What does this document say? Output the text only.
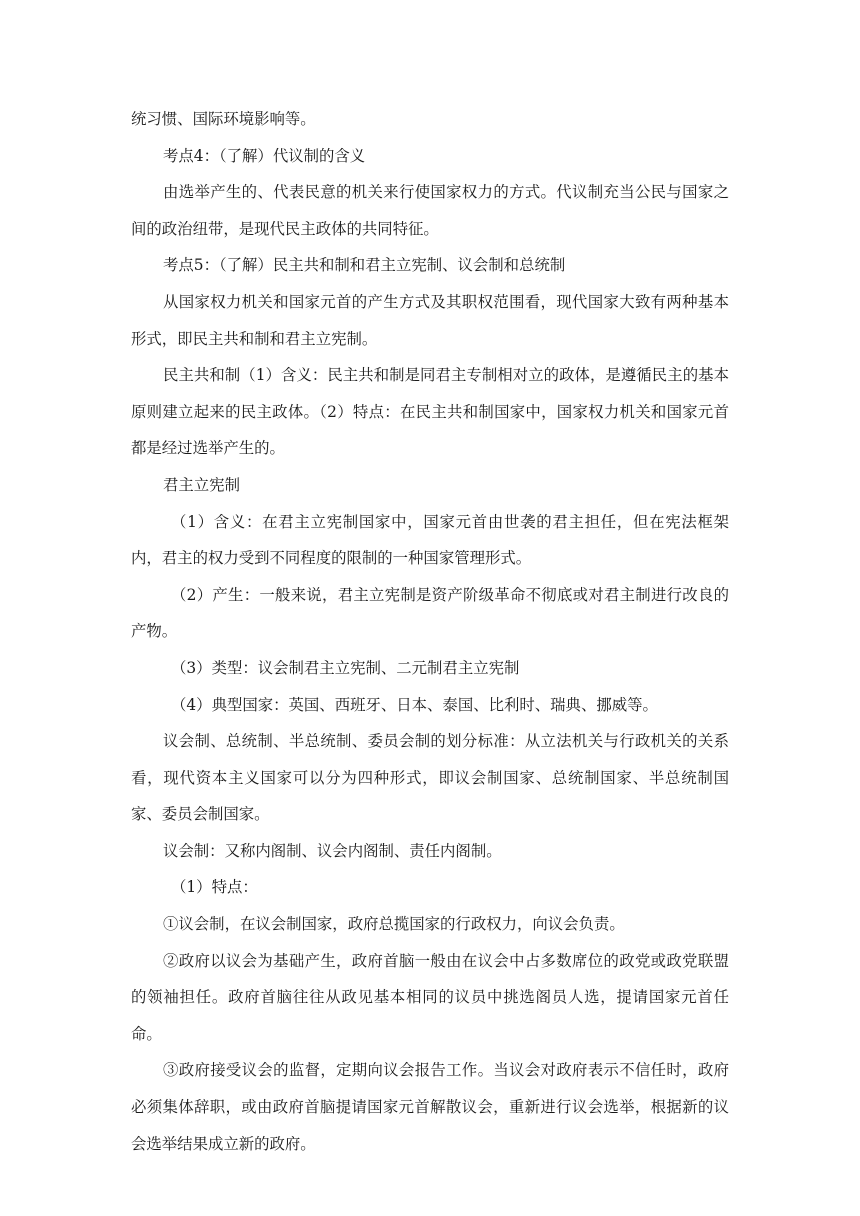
统习惯、国际环境影响等。

考点4：（了解）代议制的含义

由选举产生的、代表民意的机关来行使国家权力的方式。代议制充当公民与国家之间的政治纽带，是现代民主政体的共同特征。

考点5：（了解）民主共和制和君主立宪制、议会制和总统制

从国家权力机关和国家元首的产生方式及其职权范围看，现代国家大致有两种基本形式，即民主共和制和君主立宪制。

民主共和制（1）含义：民主共和制是同君主专制相对立的政体，是遵循民主的基本原则建立起来的民主政体。（2）特点：在民主共和制国家中，国家权力机关和国家元首都是经过选举产生的。

君主立宪制

（1）含义：在君主立宪制国家中，国家元首由世袭的君主担任，但在宪法框架内，君主的权力受到不同程度的限制的一种国家管理形式。

（2）产生：一般来说，君主立宪制是资产阶级革命不彻底或对君主制进行改良的产物。

（3）类型：议会制君主立宪制、二元制君主立宪制

（4）典型国家：英国、西班牙、日本、泰国、比利时、瑞典、挪威等。

议会制、总统制、半总统制、委员会制的划分标准：从立法机关与行政机关的关系看，现代资本主义国家可以分为四种形式，即议会制国家、总统制国家、半总统制国家、委员会制国家。

议会制：又称内阁制、议会内阁制、责任内阁制。

（1）特点：

①议会制，在议会制国家，政府总揽国家的行政权力，向议会负责。

②政府以议会为基础产生，政府首脑一般由在议会中占多数席位的政党或政党联盟的领袖担任。政府首脑往往从政见基本相同的议员中挑选阁员人选，提请国家元首任命。

③政府接受议会的监督，定期向议会报告工作。当议会对政府表示不信任时，政府必须集体辞职，或由政府首脑提请国家元首解散议会，重新进行议会选举，根据新的议会选举结果成立新的政府。
